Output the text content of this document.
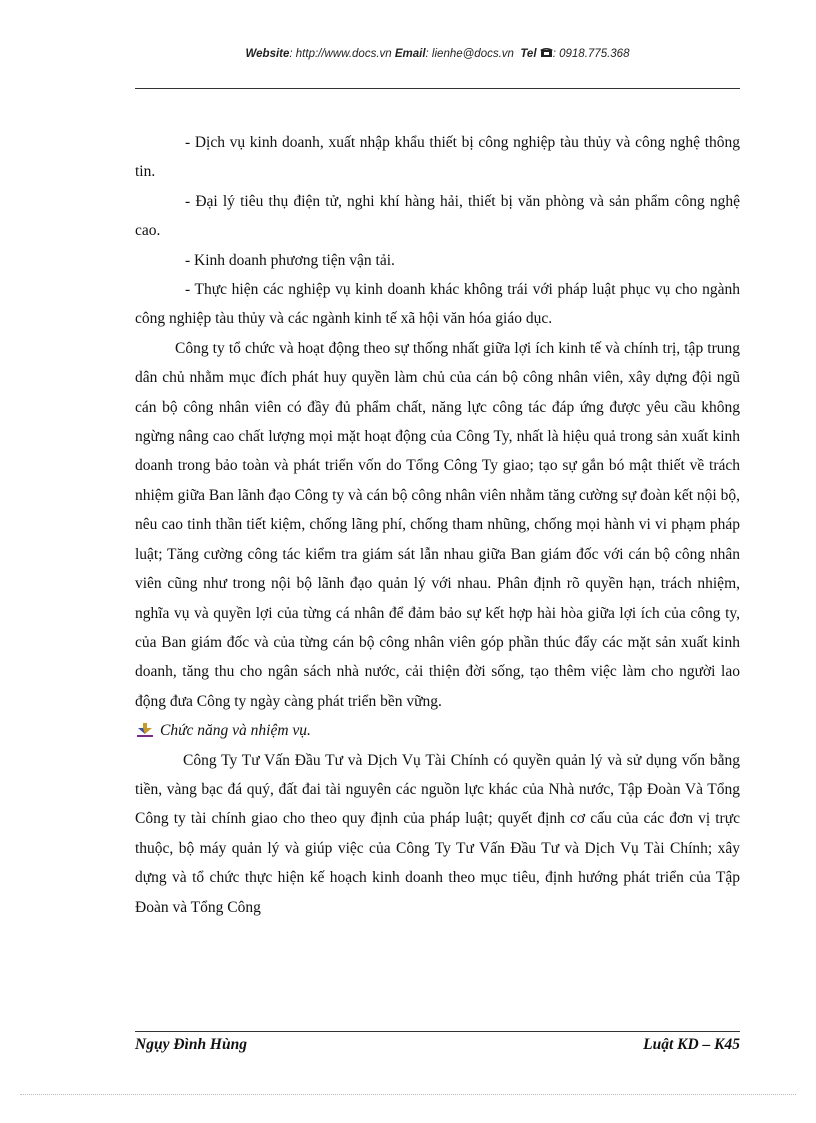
Website: http://www.docs.vn Email: lienhe@docs.vn Tel : 0918.775.368

- Dịch vụ kinh doanh, xuất nhập khẩu thiết bị công nghiệp tàu thủy và công nghệ thông tin.

- Đại lý tiêu thụ điện tử, nghi khí hàng hải, thiết bị văn phòng và sản phẩm công nghệ cao.

- Kinh doanh phương tiện vận tải.

- Thực hiện các nghiệp vụ kinh doanh khác không trái với pháp luật phục vụ cho ngành công nghiệp tàu thủy và các ngành kinh tế xã hội văn hóa giáo dục.

Công ty tổ chức và hoạt động theo sự thống nhất giữa lợi ích kinh tế và chính trị, tập trung dân chủ nhằm mục đích phát huy quyền làm chủ của cán bộ công nhân viên, xây dựng đội ngũ cán bộ công nhân viên có đầy đủ phẩm chất, năng lực công tác đáp ứng được yêu cầu không ngừng nâng cao chất lượng mọi mặt hoạt động của Công Ty, nhất là hiệu quả trong sản xuất kinh doanh trong bảo toàn và phát triển vốn do Tổng Công Ty giao; tạo sự gắn bó mật thiết về trách nhiệm giữa Ban lãnh đạo Công ty và cán bộ công nhân viên nhằm tăng cường sự đoàn kết nội bộ, nêu cao tinh thần tiết kiệm, chống lãng phí, chống tham nhũng, chống mọi hành vi vi phạm pháp luật; Tăng cường công tác kiểm tra giám sát lẫn nhau giữa Ban giám đốc với cán bộ công nhân viên cũng như trong nội bộ lãnh đạo quản lý với nhau. Phân định rõ quyền hạn, trách nhiệm, nghĩa vụ và quyền lợi của từng cá nhân để đảm bảo sự kết hợp hài hòa giữa lợi ích của công ty, của Ban giám đốc và của từng cán bộ công nhân viên góp phần thúc đẩy các mặt sản xuất kinh doanh, tăng thu cho ngân sách nhà nước, cải thiện đời sống, tạo thêm việc làm cho người lao động đưa Công ty ngày càng phát triển bền vững.

Chức năng và nhiệm vụ.

Công Ty Tư Vấn Đầu Tư và Dịch Vụ Tài Chính có quyền quản lý và sử dụng vốn bằng tiền, vàng bạc đá quý, đất đai tài nguyên các nguồn lực khác của Nhà nước, Tập Đoàn Và Tổng Công ty tài chính giao cho theo quy định của pháp luật; quyết định cơ cấu của các đơn vị trực thuộc, bộ máy quản lý và giúp việc của Công Ty Tư Vấn Đầu Tư và Dịch Vụ Tài Chính; xây dựng và tổ chức thực hiện kế hoạch kinh doanh theo mục tiêu, định hướng phát triển của Tập Đoàn và Tổng Công

Ngụy Đình Hùng	Luật KD – K45
